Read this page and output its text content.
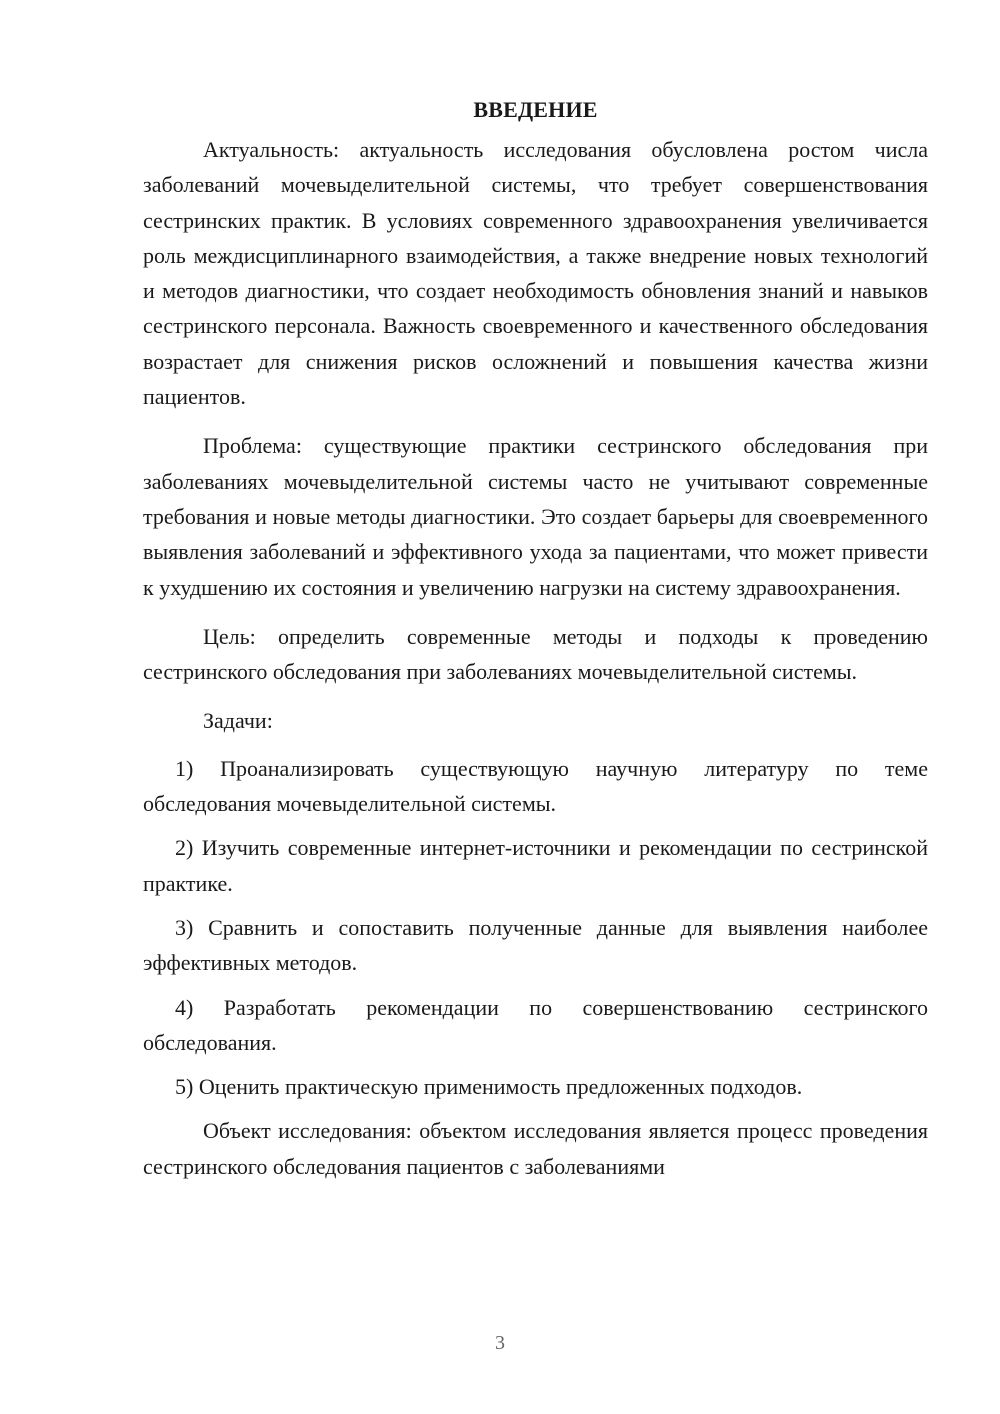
ВВЕДЕНИЕ

Актуальность: актуальность исследования обусловлена ростом числа заболеваний мочевыделительной системы, что требует совершенствования сестринских практик. В условиях современного здравоохранения увеличивается роль междисциплинарного взаимодействия, а также внедрение новых технологий и методов диагностики, что создает необходимость обновления знаний и навыков сестринского персонала. Важность своевременного и качественного обследования возрастает для снижения рисков осложнений и повышения качества жизни пациентов.

Проблема: существующие практики сестринского обследования при заболеваниях мочевыделительной системы часто не учитывают современные требования и новые методы диагностики. Это создает барьеры для своевременного выявления заболеваний и эффективного ухода за пациентами, что может привести к ухудшению их состояния и увеличению нагрузки на систему здравоохранения.

Цель: определить современные методы и подходы к проведению сестринского обследования при заболеваниях мочевыделительной системы.

Задачи:

1) Проанализировать существующую научную литературу по теме обследования мочевыделительной системы.

2) Изучить современные интернет-источники и рекомендации по сестринской практике.

3) Сравнить и сопоставить полученные данные для выявления наиболее эффективных методов.

4) Разработать рекомендации по совершенствованию сестринского обследования.

5) Оценить практическую применимость предложенных подходов.

Объект исследования: объектом исследования является процесс проведения сестринского обследования пациентов с заболеваниями

3
